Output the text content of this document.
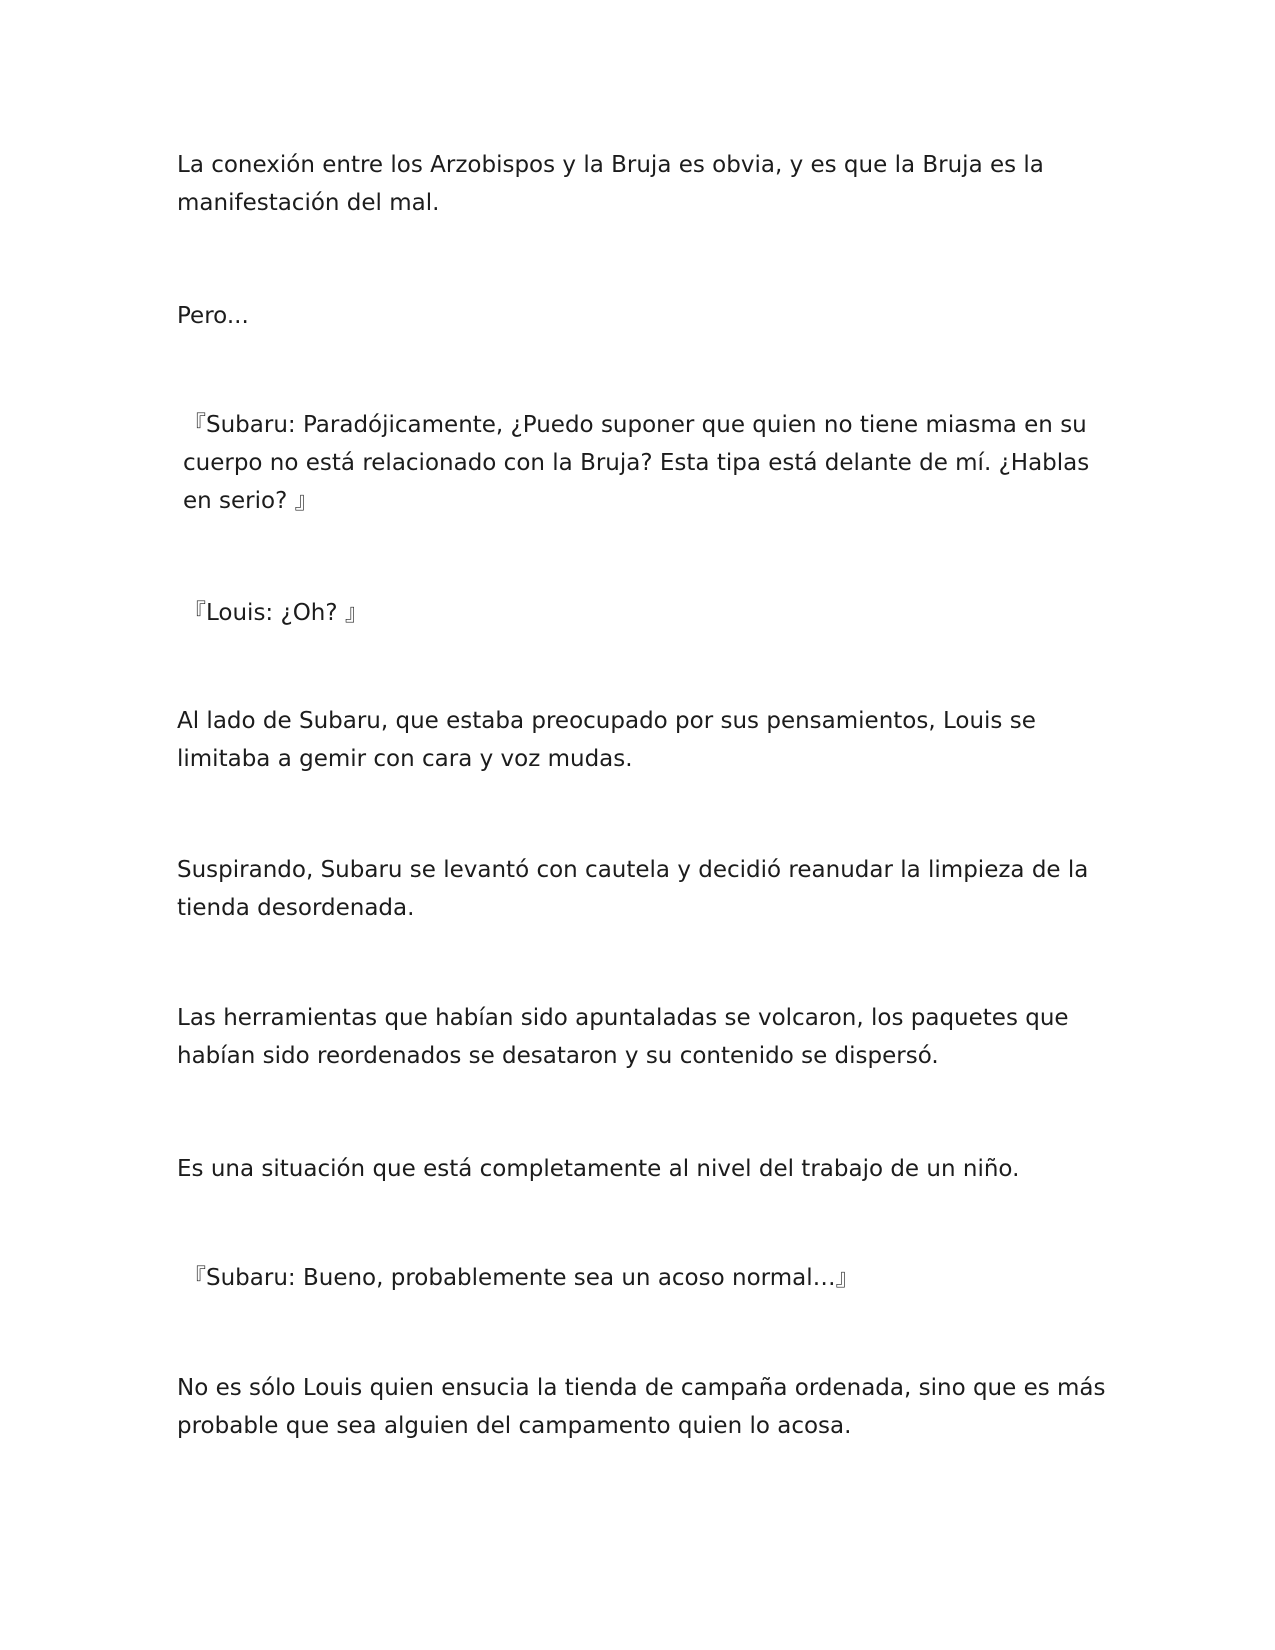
La conexión entre los Arzobispos y la Bruja es obvia, y es que la Bruja es la manifestación del mal.

Pero...

『Subaru: Paradójicamente, ¿Puedo suponer que quien no tiene miasma en su cuerpo no está relacionado con la Bruja? Esta tipa está delante de mí. ¿Hablas en serio? 』

『Louis: ¿Oh? 』

Al lado de Subaru, que estaba preocupado por sus pensamientos, Louis se limitaba a gemir con cara y voz mudas.

Suspirando, Subaru se levantó con cautela y decidió reanudar la limpieza de la tienda desordenada.

Las herramientas que habían sido apuntaladas se volcaron, los paquetes que habían sido reordenados se desataron y su contenido se dispersó.

Es una situación que está completamente al nivel del trabajo de un niño.

『Subaru: Bueno, probablemente sea un acoso normal…』

No es sólo Louis quien ensucia la tienda de campaña ordenada, sino que es más probable que sea alguien del campamento quien lo acosa.
